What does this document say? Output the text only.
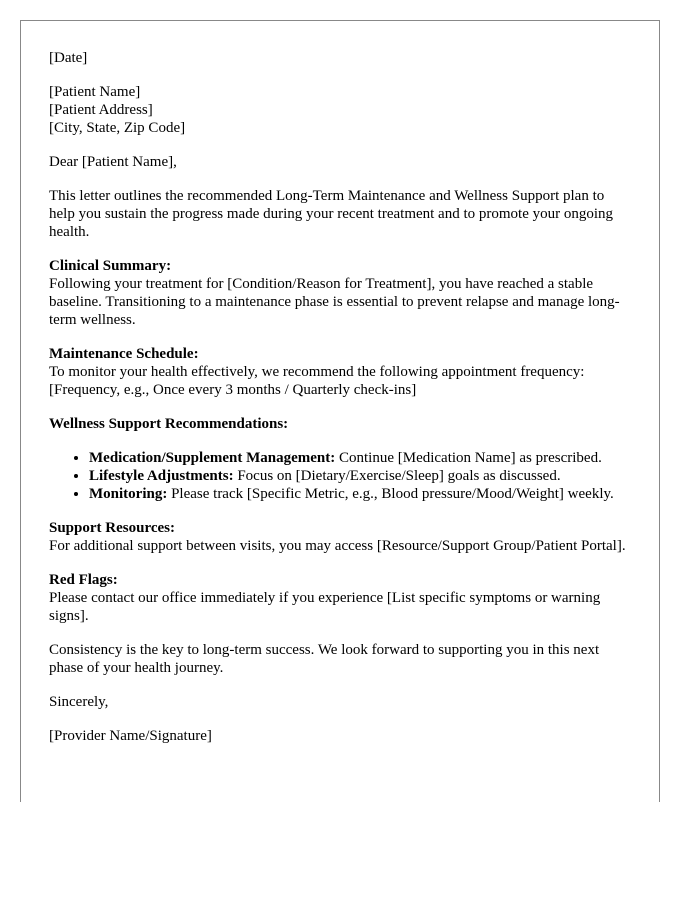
[Date]

[Patient Name]

[Patient Address]

[City, State, Zip Code]

Dear [Patient Name],

This letter outlines the recommended Long-Term Maintenance and Wellness Support plan to help you sustain the progress made during your recent treatment and to promote your ongoing health.

Clinical Summary:
Following your treatment for [Condition/Reason for Treatment], you have reached a stable baseline. Transitioning to a maintenance phase is essential to prevent relapse and manage long-term wellness.
Maintenance Schedule:
To monitor your health effectively, we recommend the following appointment frequency: [Frequency, e.g., Once every 3 months / Quarterly check-ins]
Wellness Support Recommendations:
• Medication/Supplement Management: Continue [Medication Name] as prescribed.
• Lifestyle Adjustments: Focus on [Dietary/Exercise/Sleep] goals as discussed.
• Monitoring: Please track [Specific Metric, e.g., Blood pressure/Mood/Weight] weekly.
Support Resources:
For additional support between visits, you may access [Resource/Support Group/Patient Portal].
Red Flags:
Please contact our office immediately if you experience [List specific symptoms or warning signs].

Consistency is the key to long-term success. We look forward to supporting you in this next phase of your health journey.

Sincerely,

[Provider Name/Signature]
